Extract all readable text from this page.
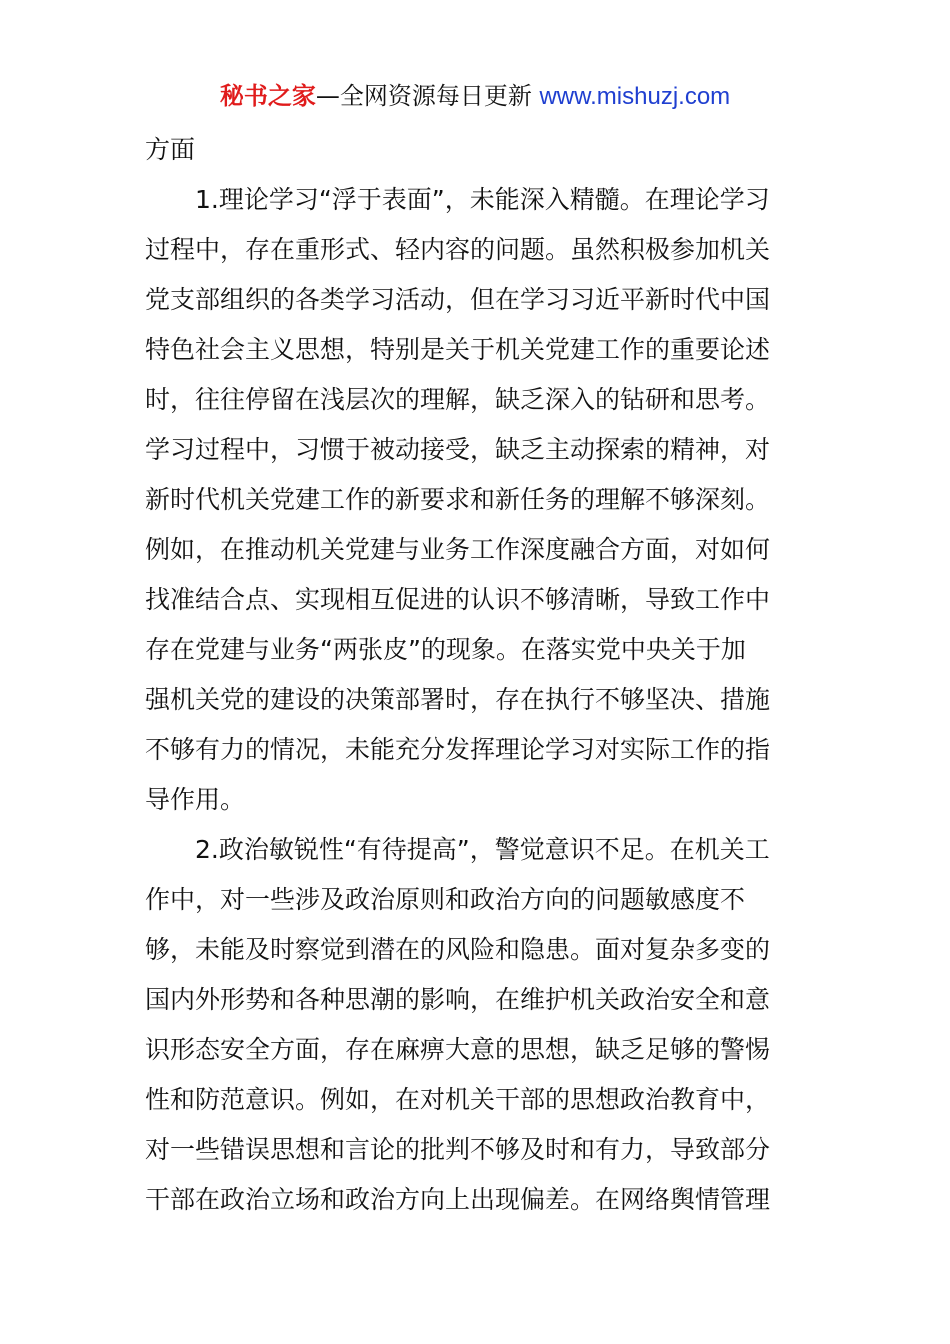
秘书之家—全网资源每日更新 www.mishuzj.com
方面
　　1.理论学习“浮于表面”，未能深入精髓。在理论学习
过程中，存在重形式、轻内容的问题。虽然积极参加机关
党支部组织的各类学习活动，但在学习习近平新时代中国
特色社会主义思想，特别是关于机关党建工作的重要论述
时，往往停留在浅层次的理解，缺乏深入的钻研和思考。
学习过程中，习惯于被动接受，缺乏主动探索的精神，对
新时代机关党建工作的新要求和新任务的理解不够深刻。
例如，在推动机关党建与业务工作深度融合方面，对如何
找准结合点、实现相互促进的认识不够清晰，导致工作中
存在党建与业务“两张皮”的现象。在落实党中央关于加
强机关党的建设的决策部署时，存在执行不够坚决、措施
不够有力的情况，未能充分发挥理论学习对实际工作的指
导作用。
　　2.政治敏锐性“有待提高”，警觉意识不足。在机关工
作中，对一些涉及政治原则和政治方向的问题敏感度不
够，未能及时察觉到潜在的风险和隐患。面对复杂多变的
国内外形势和各种思潮的影响，在维护机关政治安全和意
识形态安全方面，存在麻痹大意的思想，缺乏足够的警惕
性和防范意识。例如，在对机关干部的思想政治教育中，
对一些错误思想和言论的批判不够及时和有力，导致部分
干部在政治立场和政治方向上出现偏差。在网络舆情管理
